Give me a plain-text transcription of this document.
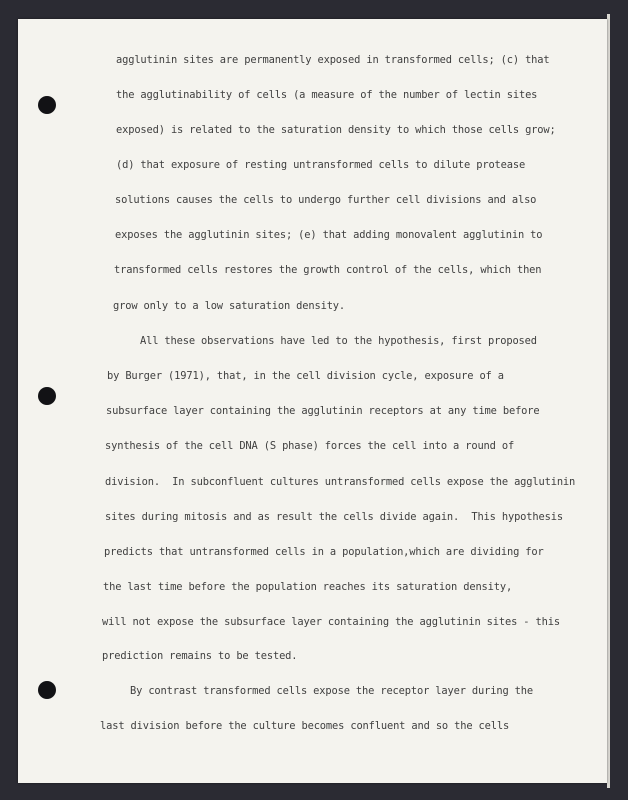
agglutinin sites are permanently exposed in transformed cells; (c) that
the agglutinability of cells (a measure of the number of lectin sites
exposed) is related to the saturation density to which those cells grow;
(d) that exposure of resting untransformed cells to dilute protease
solutions causes the cells to undergo further cell divisions and also
exposes the agglutinin sites; (e) that adding monovalent agglutinin to
transformed cells restores the growth control of the cells, which then
grow only to a low saturation density.
All these observations have led to the hypothesis, first proposed
by Burger (1971), that, in the cell division cycle, exposure of a
subsurface layer containing the agglutinin receptors at any time before
synthesis of the cell DNA (S phase) forces the cell into a round of
division.  In subconfluent cultures untransformed cells expose the agglutinin
sites during mitosis and as result the cells divide again.  This hypothesis
predicts that untransformed cells in a population,which are dividing for
the last time before the population reaches its saturation density,
will not expose the subsurface layer containing the agglutinin sites - this
prediction remains to be tested.
By contrast transformed cells expose the receptor layer during the
last division before the culture becomes confluent and so the cells
